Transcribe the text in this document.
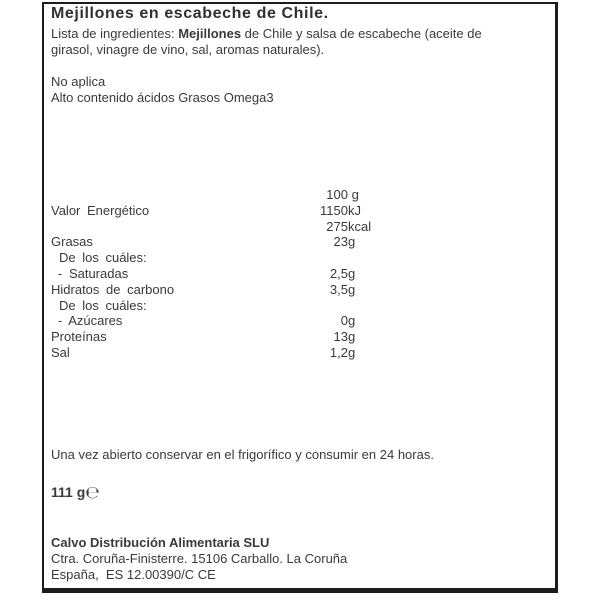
Mejillones en escabeche de Chile.
Lista de ingredientes: Mejillones de Chile y salsa de escabeche (aceite de
girasol, vinagre de vino, sal, aromas naturales).
No aplica
Alto contenido ácidos Grasos Omega3
100 g
Valor Energético	1150kJ
275kcal
Grasas	23g
De los cuáles:
- Saturadas	2,5g
Hidratos de carbono	3,5g
De los cuáles:
- Azúcares	0g
Proteínas	13g
Sal	1,2g
Una vez abierto conservar en el frigorífico y consumir en 24 horas.
111 g℮
Calvo Distribución Alimentaria SLU
Ctra. Coruña-Finisterre. 15106 Carballo. La Coruña
España,  ES 12.00390/C CE
